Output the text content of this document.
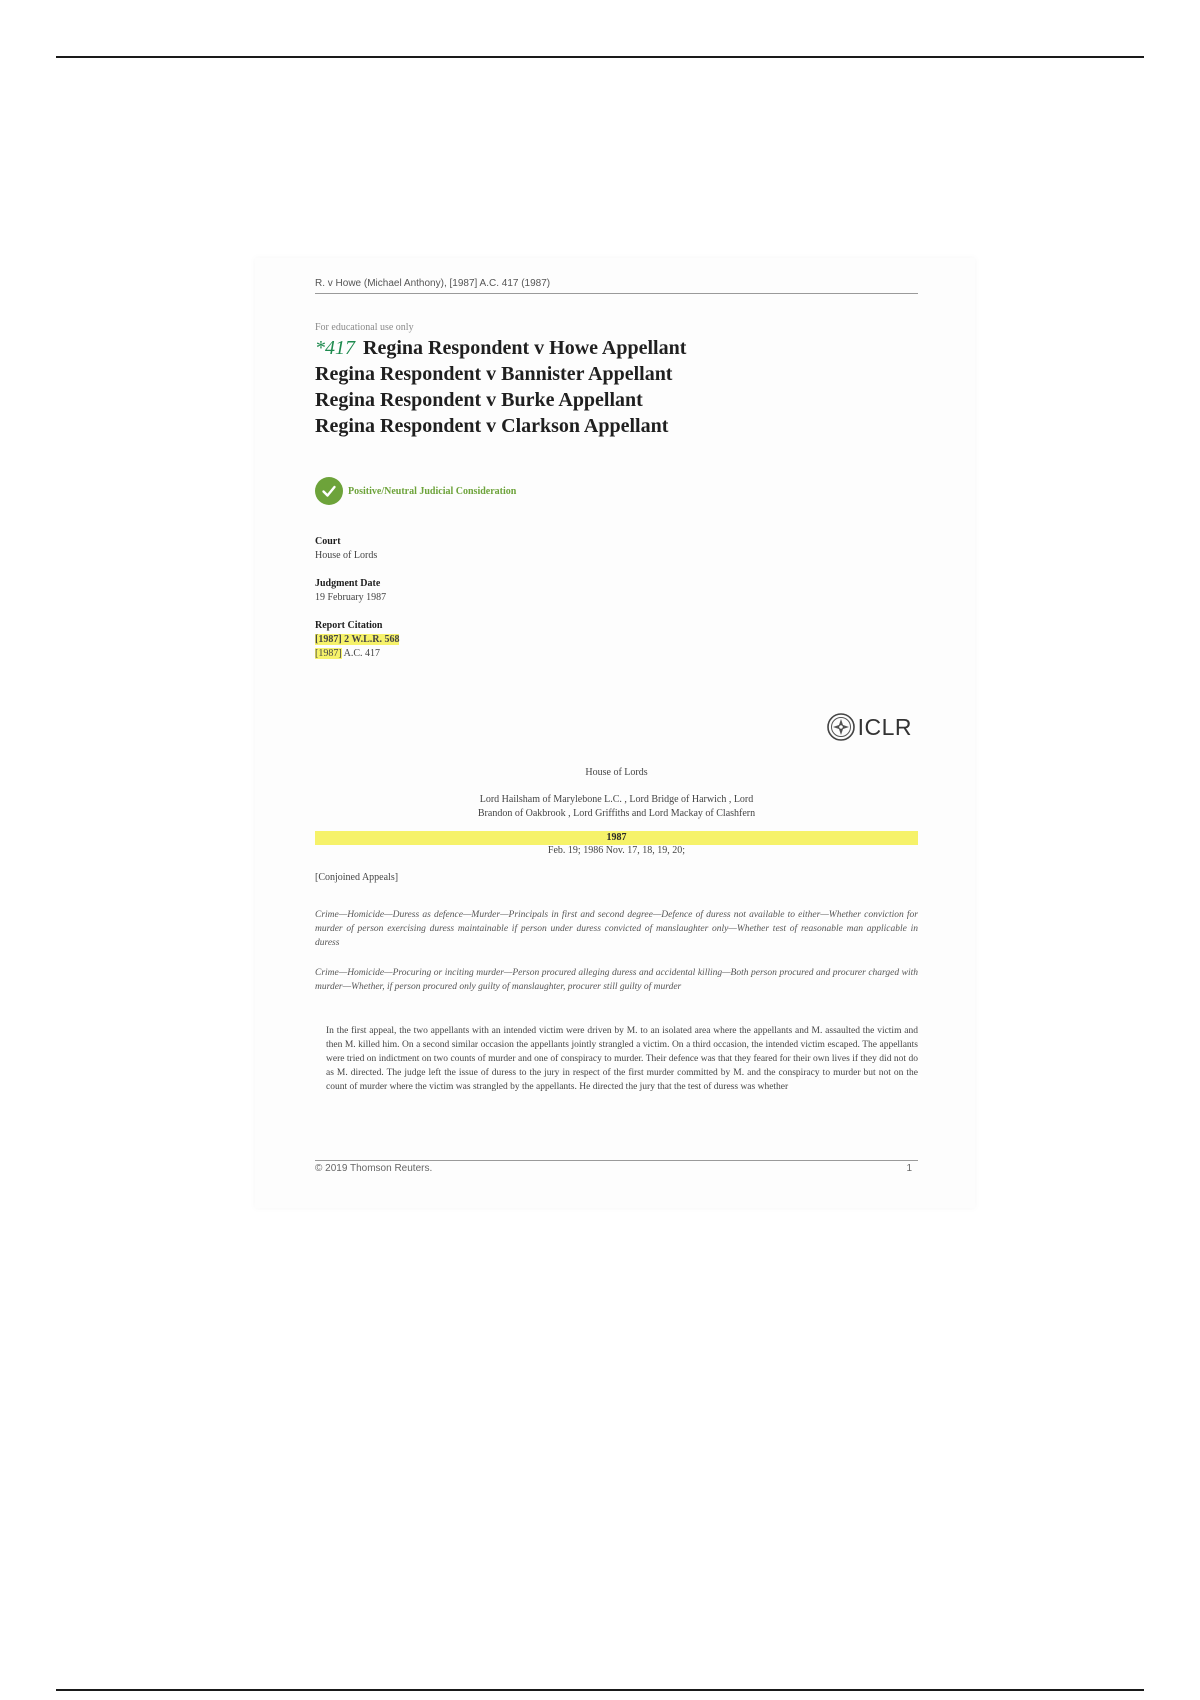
R. v Howe (Michael Anthony), [1987] A.C. 417 (1987)
For educational use only
*417 Regina Respondent v Howe Appellant
Regina Respondent v Bannister Appellant
Regina Respondent v Burke Appellant
Regina Respondent v Clarkson Appellant
Positive/Neutral Judicial Consideration
Court
House of Lords
Judgment Date
19 February 1987
Report Citation
[1987] 2 W.L.R. 568
[1987] A.C. 417
ICLR
House of Lords
Lord Hailsham of Marylebone L.C. , Lord Bridge of Harwich , Lord
Brandon of Oakbrook , Lord Griffiths and Lord Mackay of Clashfern
1987
Feb. 19; 1986 Nov. 17, 18, 19, 20;
[Conjoined Appeals]
Crime—Homicide—Duress as defence—Murder—Principals in first and second degree—Defence of duress not available to either—Whether conviction for murder of person exercising duress maintainable if person under duress convicted of manslaughter only—Whether test of reasonable man applicable in duress
Crime—Homicide—Procuring or inciting murder—Person procured alleging duress and accidental killing—Both person procured and procurer charged with murder—Whether, if person procured only guilty of manslaughter, procurer still guilty of murder
In the first appeal, the two appellants with an intended victim were driven by M. to an isolated area where the appellants and M. assaulted the victim and then M. killed him. On a second similar occasion the appellants jointly strangled a victim. On a third occasion, the intended victim escaped. The appellants were tried on indictment on two counts of murder and one of conspiracy to murder. Their defence was that they feared for their own lives if they did not do as M. directed. The judge left the issue of duress to the jury in respect of the first murder committed by M. and the conspiracy to murder but not on the count of murder where the victim was strangled by the appellants. He directed the jury that the test of duress was whether
© 2019 Thomson Reuters.	1
